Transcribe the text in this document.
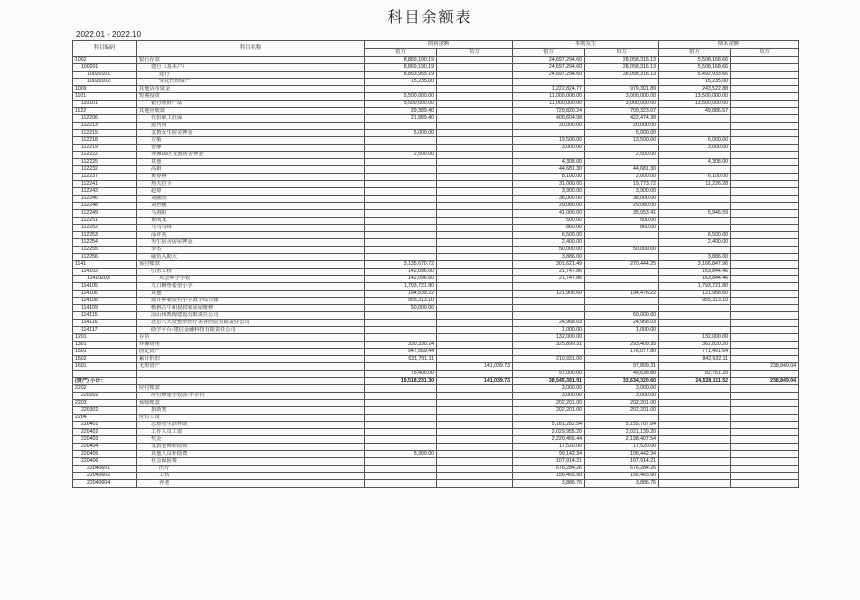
科目余额表
2022.01 - 2022.10
科目编码	科目名称	期初余额		本期发生		期末余额	
		借方	贷方	借方	贷方	借方	贷方
1002	银行存款	8,869,190.19		24,697,294.60	28,058,316.13	5,508,168.66	
100201	建行（基本户）	8,869,190.19		24,697,294.60	28,058,316.13	5,508,168.66	
10020101	建行	8,853,955.19		24,697,294.60	28,058,316.13	5,492,933.66	
10020102	受托代理资产	15,235.00				15,235.00	
1009	其他货币资金			1,222,824.77	979,301.89	243,522.88	
1101	短期投资	5,500,000.00		11,000,000.00	3,000,000.00	13,500,000.00	
110101	银行理财产品	5,500,000.00		11,000,000.00	3,000,000.00	13,500,000.00	
1122	其他应收款	29,389.40		729,820.24	709,323.07	49,886.57	
112206	代扣职工社保	21,889.40		400,604.98	422,474.38		
112213	报刊费			20,000.00	20,000.00		
112215	支教女生宿舍押金	5,000.00			5,000.00		
112218	方敏			19,500.00	13,500.00	6,000.00	
112219	曾静			3,000.00		3,000.00	
112222	外滩16区支教宿舍押金	2,500.00			2,500.00		
112225	其他			4,308.00		4,308.00	
112232	高娟			44,681.30	44,681.30		
112237	黄春燕			8,100.00	2,000.00	6,100.00	
112241	热天拉卡			31,000.00	19,773.72	11,226.28	
112243	赵璟			3,900.00	3,900.00		
112246	刘懿然			38,000.00	38,000.00		
112248	刘世鹏			29,080.00	29,080.00		
112249	马海阳			41,000.00	35,053.41	5,946.59	
112251	黄明龙			500.00	500.00		
112252	马马马林			860.00	860.00		
112253	涂祥英			6,500.00		6,500.00	
112254	男生宿舍房屋押金			2,400.00		2,400.00	
112255	李杰			50,000.00	50,000.00		
112256	威负入助大			3,886.00		3,886.00	
1141	预付账款	3,135,670.72		301,621.49	270,444.25	3,166,847.96	
114102	引水工程	142,096.60		21,747.86		163,844.46	
11410203	贝会乡小学校	142,096.60		21,747.86		163,844.46	
114105	九口柳垫希望小学	1,793,721.80				1,793,721.80	
114106	其他	194,539.22		121,905.60	194,476.22	121,968.60	
114108	鼎并乡勒觉村小学教学综合楼	955,313.10				955,313.10	
114109	勒格古牛和叔叔家房屋维修	50,000.00					
114115	凉山州凯梅建设有限责任公司				50,000.00		
114116	北京八大处整形医疗美容医院有限责任公司			24,968.03	24,968.03		
114117	助学平台-建信金融科技有限责任公司			1,000.00	1,000.00		
1201	存货			132,000.00		132,000.00	
1301	待摊费用	330,330.24		325,899.31	293,409.35	362,820.20	
1501	固定资产	947,569.44			176,077.80	771,491.64	
1502	累计折旧	631,701.11		210,931.00		842,632.11	
1601	无形资产		141,039.73		97,809.31		238,849.04
		75,400.00		57,000.00	49,638.80	82,761.20	
(资产) 小计：		19,518,231.30	141,039.73	38,545,391.91	33,634,320.60	24,528,111.52	238,849.04
2202	应付账款			3,000.00	3,000.00		
220202	应付修建学校款-平尔台			3,000.00	3,000.00		
2203	预收账款			202,201.00	202,201.00		
220302	捐助类			202,201.00	202,201.00		
2204	应付工资						
220401	志愿者生活补助			5,181,282.54	5,155,707.64		
220402	工作人员工资			2,029,955.20	2,021,139.20		
220403	奖金			2,220,466.44	2,198,407.54		
220404	支教老师补助费			17,520.00	17,520.00		
220405	其他人员补助费	5,300.00		99,142.34	106,442.34		
220406	社会保险费			107,914.21	107,914.21		
22040601	医疗			676,284.26	676,284.26		
22040602	工伤			156,465.90	156,465.90		
22040604	养老			3,886.76	3,886.76		
